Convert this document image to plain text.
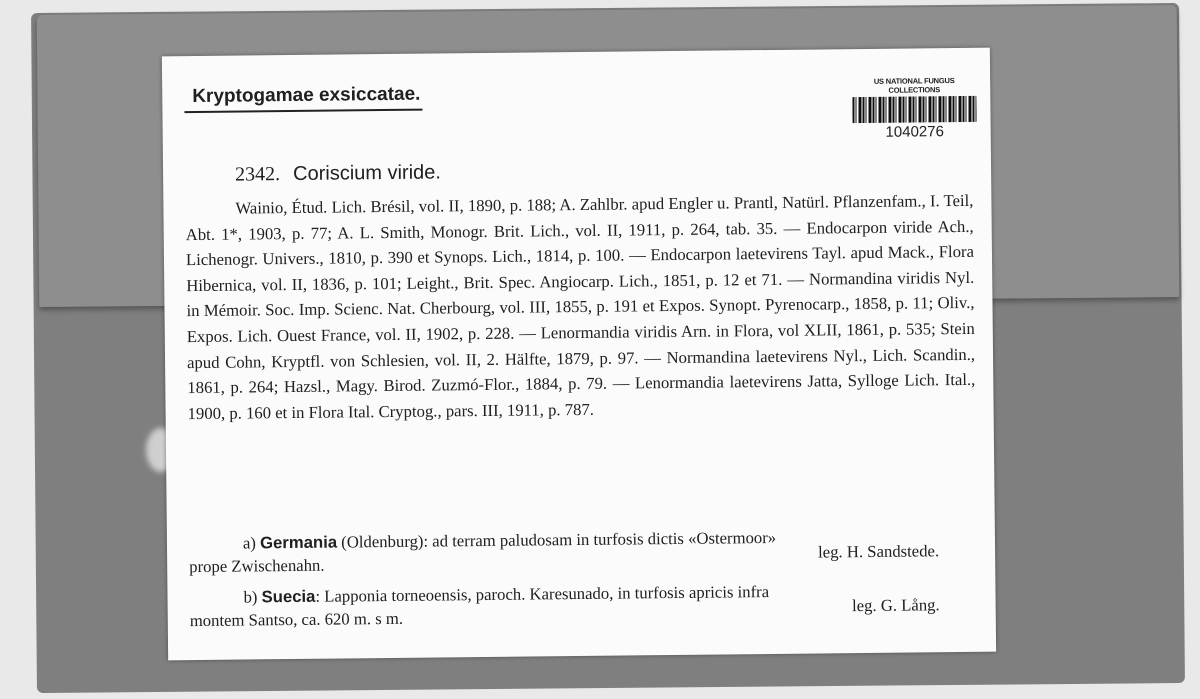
Kryptogamae exsiccatae.
US NATIONAL FUNGUS COLLECTIONS
1040276
2342. Coriscium viride.

Wainio, Étud. Lich. Brésil, vol. II, 1890, p. 188; A. Zahlbr. apud Engler u. Prantl, Natürl. Pflanzenfam., I. Teil, Abt. 1*, 1903, p. 77; A. L. Smith, Monogr. Brit. Lich., vol. II, 1911, p. 264, tab. 35. — Endocarpon viride Ach., Lichenogr. Univers., 1810, p. 390 et Synops. Lich., 1814, p. 100. — Endocarpon laetevirens Tayl. apud Mack., Flora Hibernica, vol. II, 1836, p. 101; Leight., Brit. Spec. Angiocarp. Lich., 1851, p. 12 et 71. — Normandina viridis Nyl. in Mémoir. Soc. Imp. Scienc. Nat. Cherbourg, vol. III, 1855, p. 191 et Expos. Synopt. Pyrenocarp., 1858, p. 11; Oliv., Expos. Lich. Ouest France, vol. II, 1902, p. 228. — Lenormandia viridis Arn. in Flora, vol XLII, 1861, p. 535; Stein apud Cohn, Kryptfl. von Schlesien, vol. II, 2. Hälfte, 1879, p. 97. — Normandina laetevirens Nyl., Lich. Scandin., 1861, p. 264; Hazsl., Magy. Birod. Zuzmó-Flor., 1884, p. 79. — Lenormandia laetevirens Jatta, Sylloge Lich. Ital., 1900, p. 160 et in Flora Ital. Cryptog., pars. III, 1911, p. 787.

a) Germania (Oldenburg): ad terram paludosam in turfosis dictis «Ostermoor»
prope Zwischenahn.
leg. H. Sandstede.
b) Suecia: Lapponia torneoensis, paroch. Karesunado, in turfosis apricis infra
montem Santso, ca. 620 m. s m.
leg. G. Lång.
